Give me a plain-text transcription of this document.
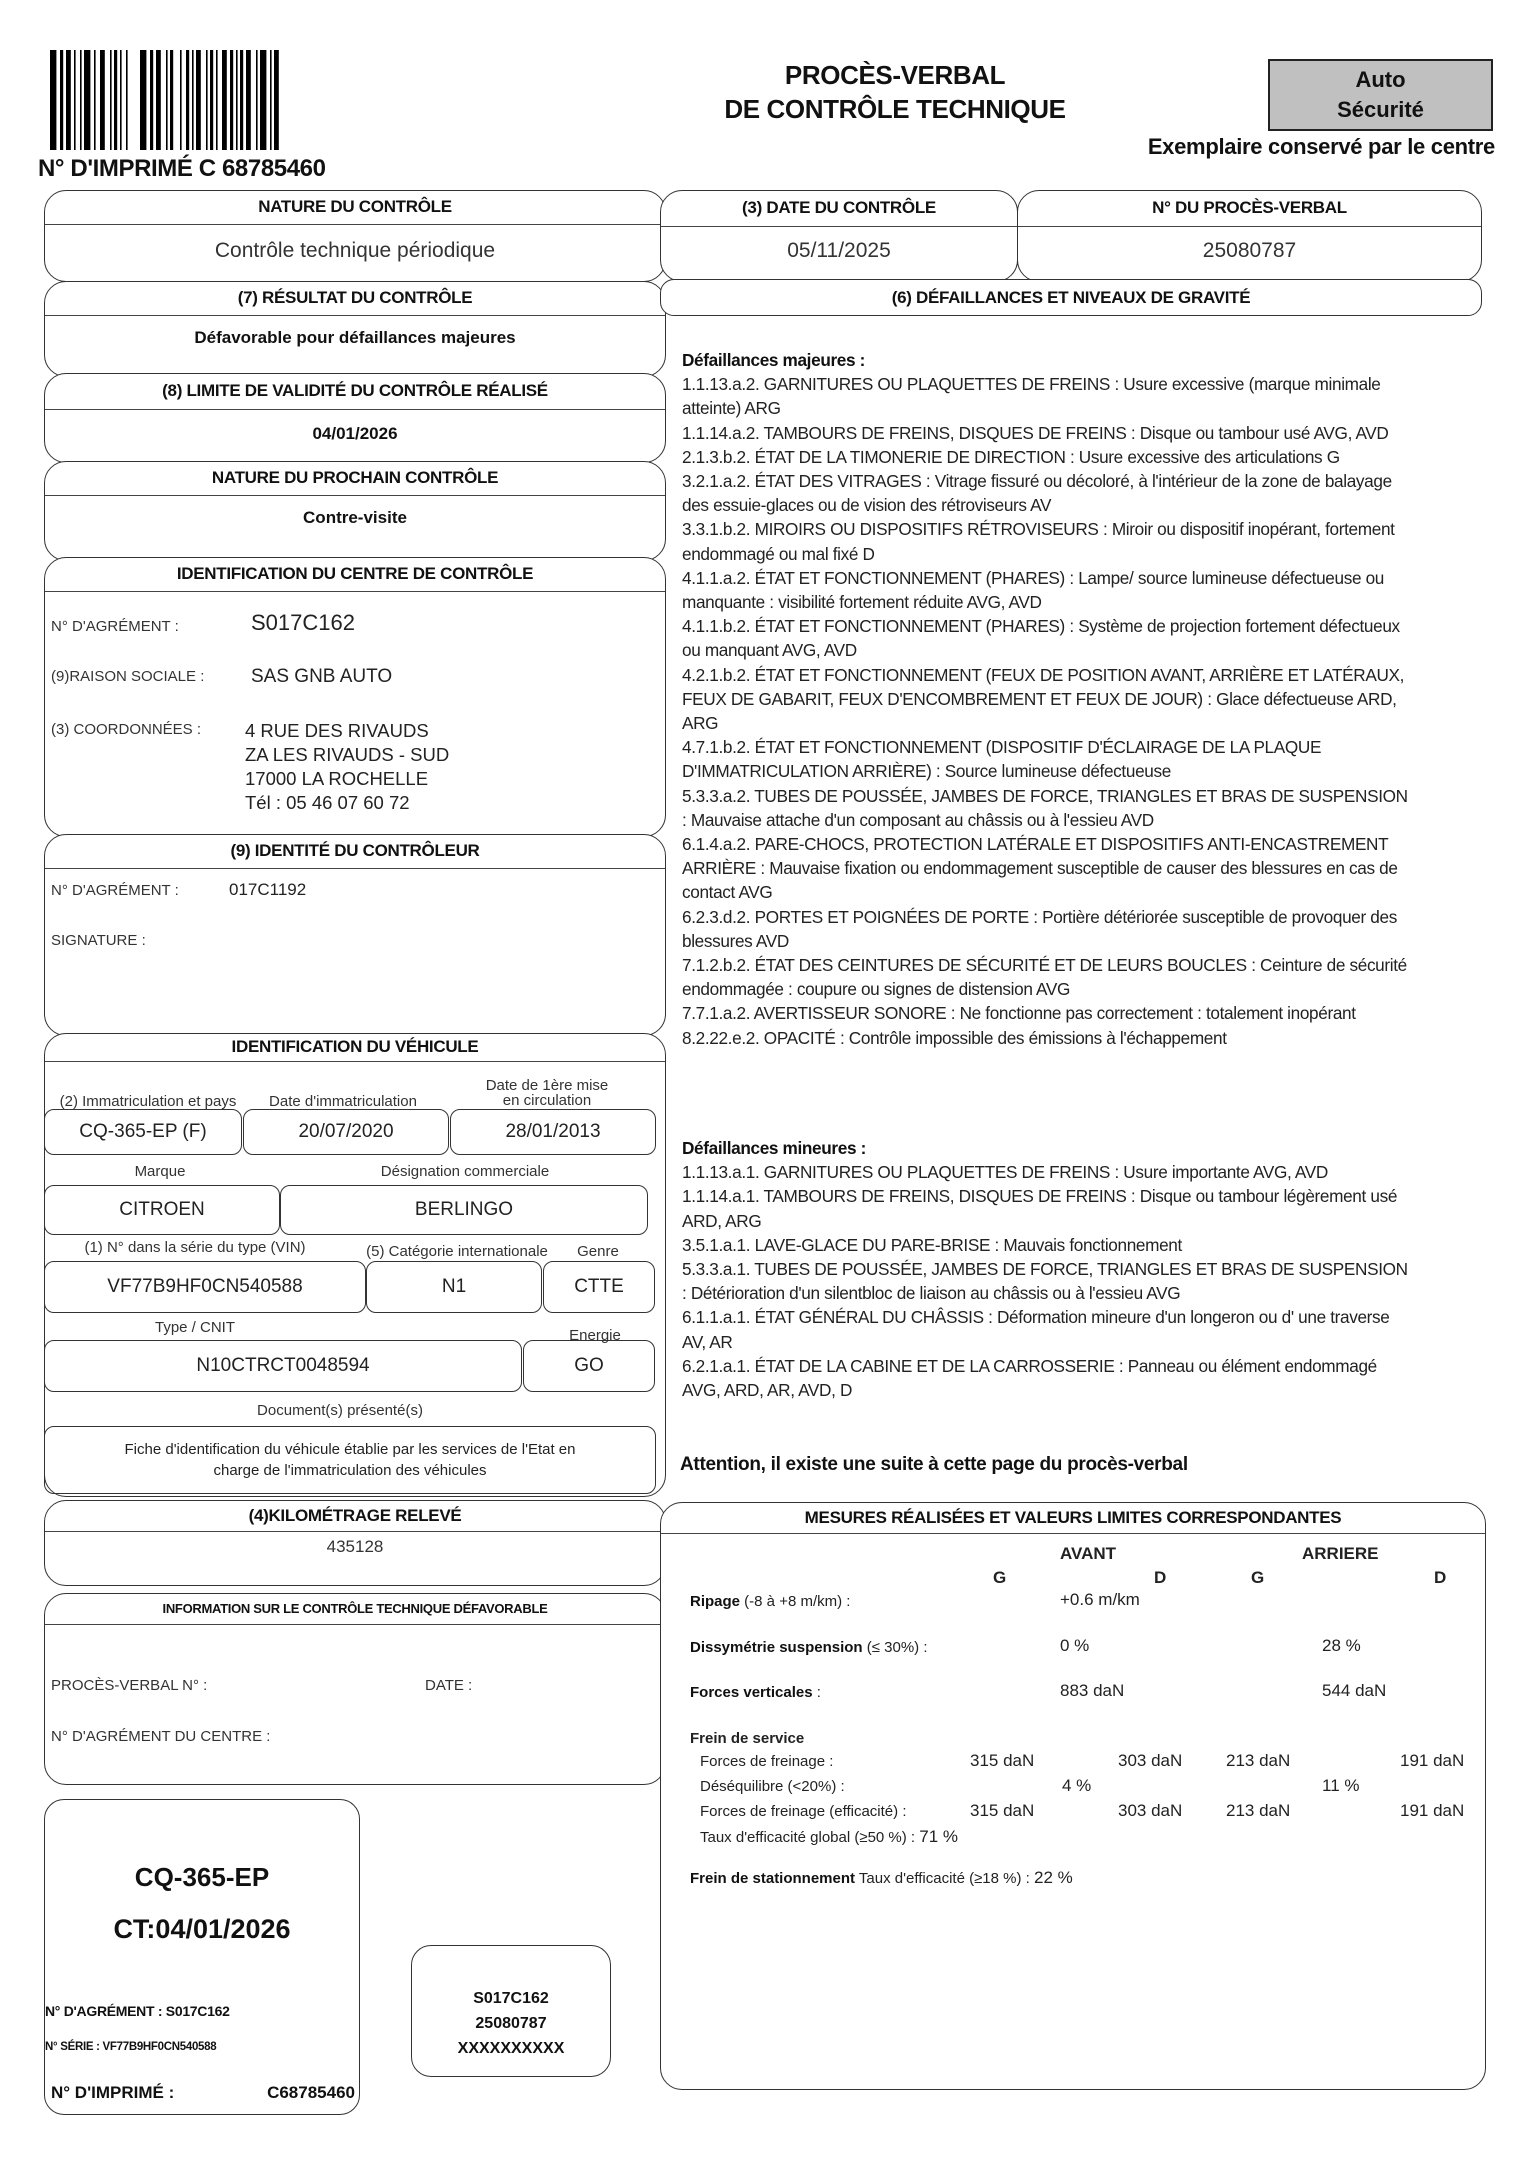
N° D'IMPRIMÉ C 68785460
PROCÈS-VERBAL
DE CONTRÔLE TECHNIQUE
Auto
Sécurité
Exemplaire conservé par le centre
NATURE DU CONTRÔLE
Contrôle technique périodique
(7) RÉSULTAT DU CONTRÔLE
Défavorable pour défaillances majeures
(8) LIMITE DE VALIDITÉ DU CONTRÔLE RÉALISÉ
04/01/2026
NATURE DU PROCHAIN CONTRÔLE
Contre-visite
IDENTIFICATION DU CENTRE DE CONTRÔLE
N° D'AGRÉMENT :	S017C162
(9)RAISON SOCIALE : SAS GNB AUTO
(3) COORDONNÉES : 4 RUE DES RIVAUDS
ZA LES RIVAUDS - SUD
17000 LA ROCHELLE
Tél : 05 46 07 60 72
(9) IDENTITÉ DU CONTRÔLEUR
N° D'AGRÉMENT :	017C1192
SIGNATURE :
IDENTIFICATION DU VÉHICULE
(2) Immatriculation et pays	Date d'immatriculation
Date de 1ère mise
en circulation
CQ-365-EP (F)	20/07/2020	28/01/2013
Marque	Désignation commerciale
CITROEN	BERLINGO
(1) N° dans la série du type (VIN)	(5) Catégorie internationale	Genre
VF77B9HF0CN540588	N1	CTTE
Type / CNIT	Energie
N10CTRCT0048594	GO
Document(s) présenté(s)
Fiche d'identification du véhicule établie par les services de l'Etat en
charge de l'immatriculation des véhicules
(4)KILOMÉTRAGE RELEVÉ
435128
INFORMATION SUR LE CONTRÔLE TECHNIQUE DÉFAVORABLE
PROCÈS-VERBAL N° :	DATE :
N° D'AGRÉMENT DU CENTRE :
CQ-365-EP
CT:04/01/2026
N° D'AGRÉMENT : S017C162
N° SÉRIE : VF77B9HF0CN540588
N° D'IMPRIMÉ :	C68785460
S017C162
25080787
XXXXXXXXXX
(3) DATE DU CONTRÔLE
05/11/2025
N° DU PROCÈS-VERBAL
25080787
(6) DÉFAILLANCES ET NIVEAUX DE GRAVITÉ
Défaillances majeures :
1.1.13.a.2. GARNITURES OU PLAQUETTES DE FREINS : Usure excessive (marque minimale atteinte) ARG
1.1.14.a.2. TAMBOURS DE FREINS, DISQUES DE FREINS : Disque ou tambour usé AVG, AVD
2.1.3.b.2. ÉTAT DE LA TIMONERIE DE DIRECTION : Usure excessive des articulations G
3.2.1.a.2. ÉTAT DES VITRAGES : Vitrage fissuré ou décoloré, à l'intérieur de la zone de balayage des essuie-glaces ou de vision des rétroviseurs AV
3.3.1.b.2. MIROIRS OU DISPOSITIFS RÉTROVISEURS : Miroir ou dispositif inopérant, fortement endommagé ou mal fixé D
4.1.1.a.2. ÉTAT ET FONCTIONNEMENT (PHARES) : Lampe/ source lumineuse défectueuse ou manquante : visibilité fortement réduite AVG, AVD
4.1.1.b.2. ÉTAT ET FONCTIONNEMENT (PHARES) : Système de projection fortement défectueux ou manquant AVG, AVD
4.2.1.b.2. ÉTAT ET FONCTIONNEMENT (FEUX DE POSITION AVANT, ARRIÈRE ET LATÉRAUX, FEUX DE GABARIT, FEUX D'ENCOMBREMENT ET FEUX DE JOUR) : Glace défectueuse ARD, ARG
4.7.1.b.2. ÉTAT ET FONCTIONNEMENT (DISPOSITIF D'ÉCLAIRAGE DE LA PLAQUE D'IMMATRICULATION ARRIÈRE) : Source lumineuse défectueuse
5.3.3.a.2. TUBES DE POUSSÉE, JAMBES DE FORCE, TRIANGLES ET BRAS DE SUSPENSION : Mauvaise attache d'un composant au châssis ou à l'essieu AVD
6.1.4.a.2. PARE-CHOCS, PROTECTION LATÉRALE ET DISPOSITIFS ANTI-ENCASTREMENT ARRIÈRE : Mauvaise fixation ou endommagement susceptible de causer des blessures en cas de contact AVG
6.2.3.d.2. PORTES ET POIGNÉES DE PORTE : Portière détériorée susceptible de provoquer des blessures AVD
7.1.2.b.2. ÉTAT DES CEINTURES DE SÉCURITÉ ET DE LEURS BOUCLES : Ceinture de sécurité endommagée : coupure ou signes de distension AVG
7.7.1.a.2. AVERTISSEUR SONORE : Ne fonctionne pas correctement : totalement inopérant
8.2.22.e.2. OPACITÉ : Contrôle impossible des émissions à l'échappement
Défaillances mineures :
1.1.13.a.1. GARNITURES OU PLAQUETTES DE FREINS : Usure importante AVG, AVD
1.1.14.a.1. TAMBOURS DE FREINS, DISQUES DE FREINS : Disque ou tambour légèrement usé ARD, ARG
3.5.1.a.1. LAVE-GLACE DU PARE-BRISE : Mauvais fonctionnement
5.3.3.a.1. TUBES DE POUSSÉE, JAMBES DE FORCE, TRIANGLES ET BRAS DE SUSPENSION : Détérioration d'un silentbloc de liaison au châssis ou à l'essieu AVG
6.1.1.a.1. ÉTAT GÉNÉRAL DU CHÂSSIS : Déformation mineure d'un longeron ou d' une traverse AV, AR
6.2.1.a.1. ÉTAT DE LA CABINE ET DE LA CARROSSERIE : Panneau ou élément endommagé AVG, ARD, AR, AVD, D
Attention, il existe une suite à cette page du procès-verbal
MESURES RÉALISÉES ET VALEURS LIMITES CORRESPONDANTES
AVANT	ARRIERE
G	D	G	D
Ripage (-8 à +8 m/km) :	+0.6 m/km
Dissymétrie suspension (≤ 30%) :	0 %	28 %
Forces verticales :	883 daN	544 daN
Frein de service
Forces de freinage :	315 daN	303 daN	213 daN	191 daN
Déséquilibre (<20%) :	4 %	11 %
Forces de freinage (efficacité) :	315 daN	303 daN	213 daN	191 daN
Taux d'efficacité global (≥50 %) : 71 %
Frein de stationnement Taux d'efficacité (≥18 %) : 22 %
